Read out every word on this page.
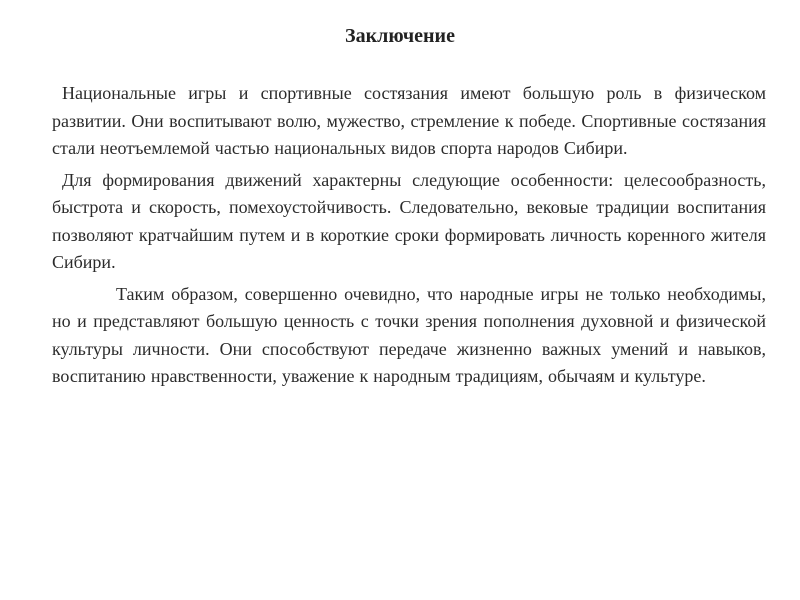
Заключение

Национальные игры и спортивные состязания имеют большую роль в физическом развитии. Они воспитывают волю, мужество, стремление к победе. Спортивные состязания стали неотъемлемой частью национальных видов спорта народов Сибири.

Для формирования движений характерны следующие особенности: целесообразность, быстрота и скорость, помехоустойчивость. Следовательно, вековые традиции воспитания позволяют кратчайшим путем и в короткие сроки формировать личность коренного жителя Сибири.

Таким образом, совершенно очевидно, что народные игры не только необходимы, но и представляют большую ценность с точки зрения пополнения духовной и физической культуры личности. Они способствуют передаче жизненно важных умений и навыков, воспитанию нравственности, уважение к народным традициям, обычаям и культуре.
